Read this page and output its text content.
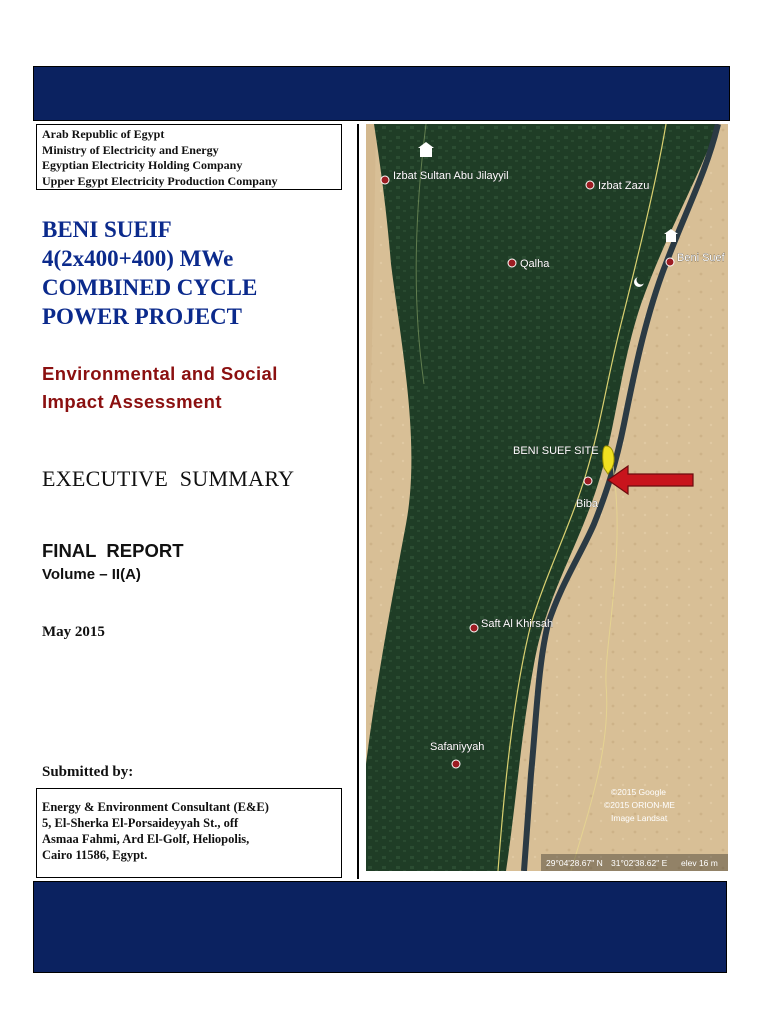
Arab Republic of Egypt
Ministry of Electricity and Energy
Egyptian Electricity Holding Company
Upper Egypt Electricity Production Company
BENI SUEIF
4(2x400+400) MWe
COMBINED CYCLE
POWER PROJECT
Environmental and Social
Impact Assessment
EXECUTIVE  SUMMARY
FINAL  REPORT
Volume – II(A)
May 2015
Submitted by:
Energy & Environment Consultant (E&E)
5, El-Sherka El-Porsaideyyah St., off
Asmaa Fahmi, Ard El-Golf, Heliopolis,
Cairo 11586, Egypt.
Izbat Sultan Abu Jilayyil
Izbat Zazu
Qalha	Beni Suef
Biba
Saft Al Khirsah
Safaniyyah
BENI SUEF SITE
©2015 Google
©2015 ORION-ME
Image Landsat
29°04'28.67" N 31°02'38.62" E elev 16 m
